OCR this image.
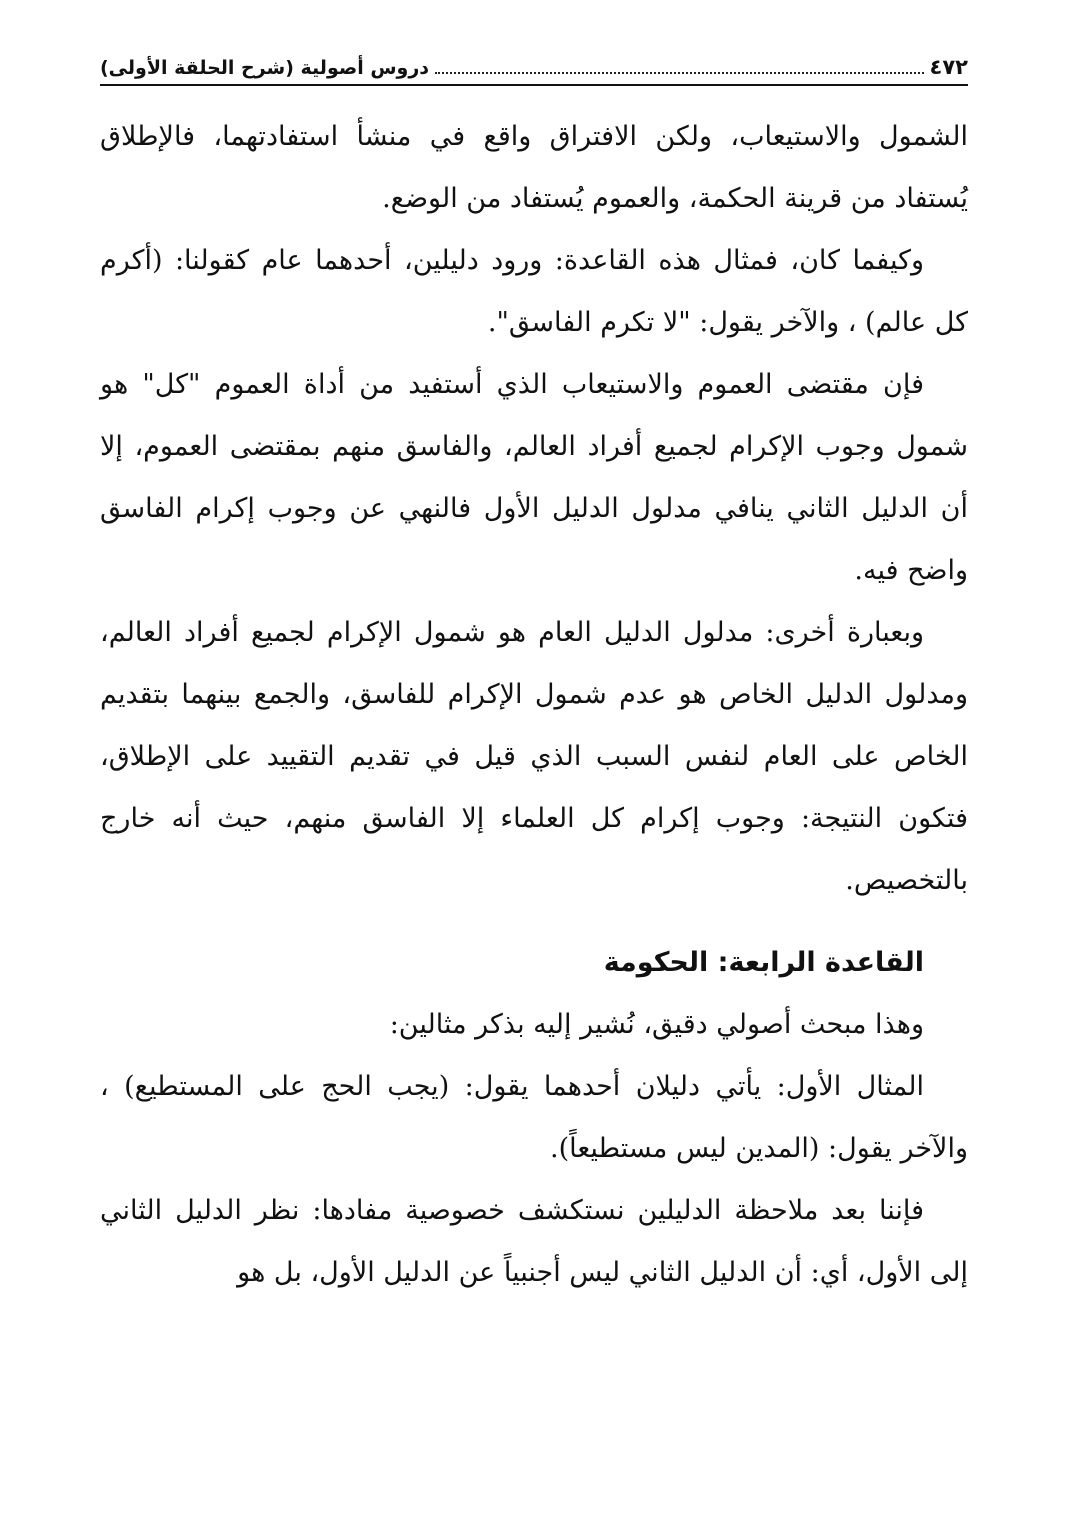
٤٧٢
دروس أصولية (شرح الحلقة الأولى)

الشمول والاستيعاب، ولكن الافتراق واقع في منشأ استفادتهما، فالإطلاق يُستفاد من قرينة الحكمة، والعموم يُستفاد من الوضع.

وكيفما كان، فمثال هذه القاعدة: ورود دليلين، أحدهما عام كقولنا: (أكرم كل عالم) ، والآخر يقول: "لا تكرم الفاسق".

فإن مقتضى العموم والاستيعاب الذي أستفيد من أداة العموم "كل" هو شمول وجوب الإكرام لجميع أفراد العالم، والفاسق منهم بمقتضى العموم، إلا أن الدليل الثاني ينافي مدلول الدليل الأول فالنهي عن وجوب إكرام الفاسق واضح فيه.

وبعبارة أخرى: مدلول الدليل العام هو شمول الإكرام لجميع أفراد العالم، ومدلول الدليل الخاص هو عدم شمول الإكرام للفاسق، والجمع بينهما بتقديم الخاص على العام لنفس السبب الذي قيل في تقديم التقييد على الإطلاق، فتكون النتيجة: وجوب إكرام كل العلماء إلا الفاسق منهم، حيث أنه خارج بالتخصيص.

القاعدة الرابعة: الحكومة

وهذا مبحث أصولي دقيق، نُشير إليه بذكر مثالين:

المثال الأول: يأتي دليلان أحدهما يقول: (يجب الحج على المستطيع) ، والآخر يقول: (المدين ليس مستطيعاً).

فإننا بعد ملاحظة الدليلين نستكشف خصوصية مفادها: نظر الدليل الثاني إلى الأول، أي: أن الدليل الثاني ليس أجنبياً عن الدليل الأول، بل هو
